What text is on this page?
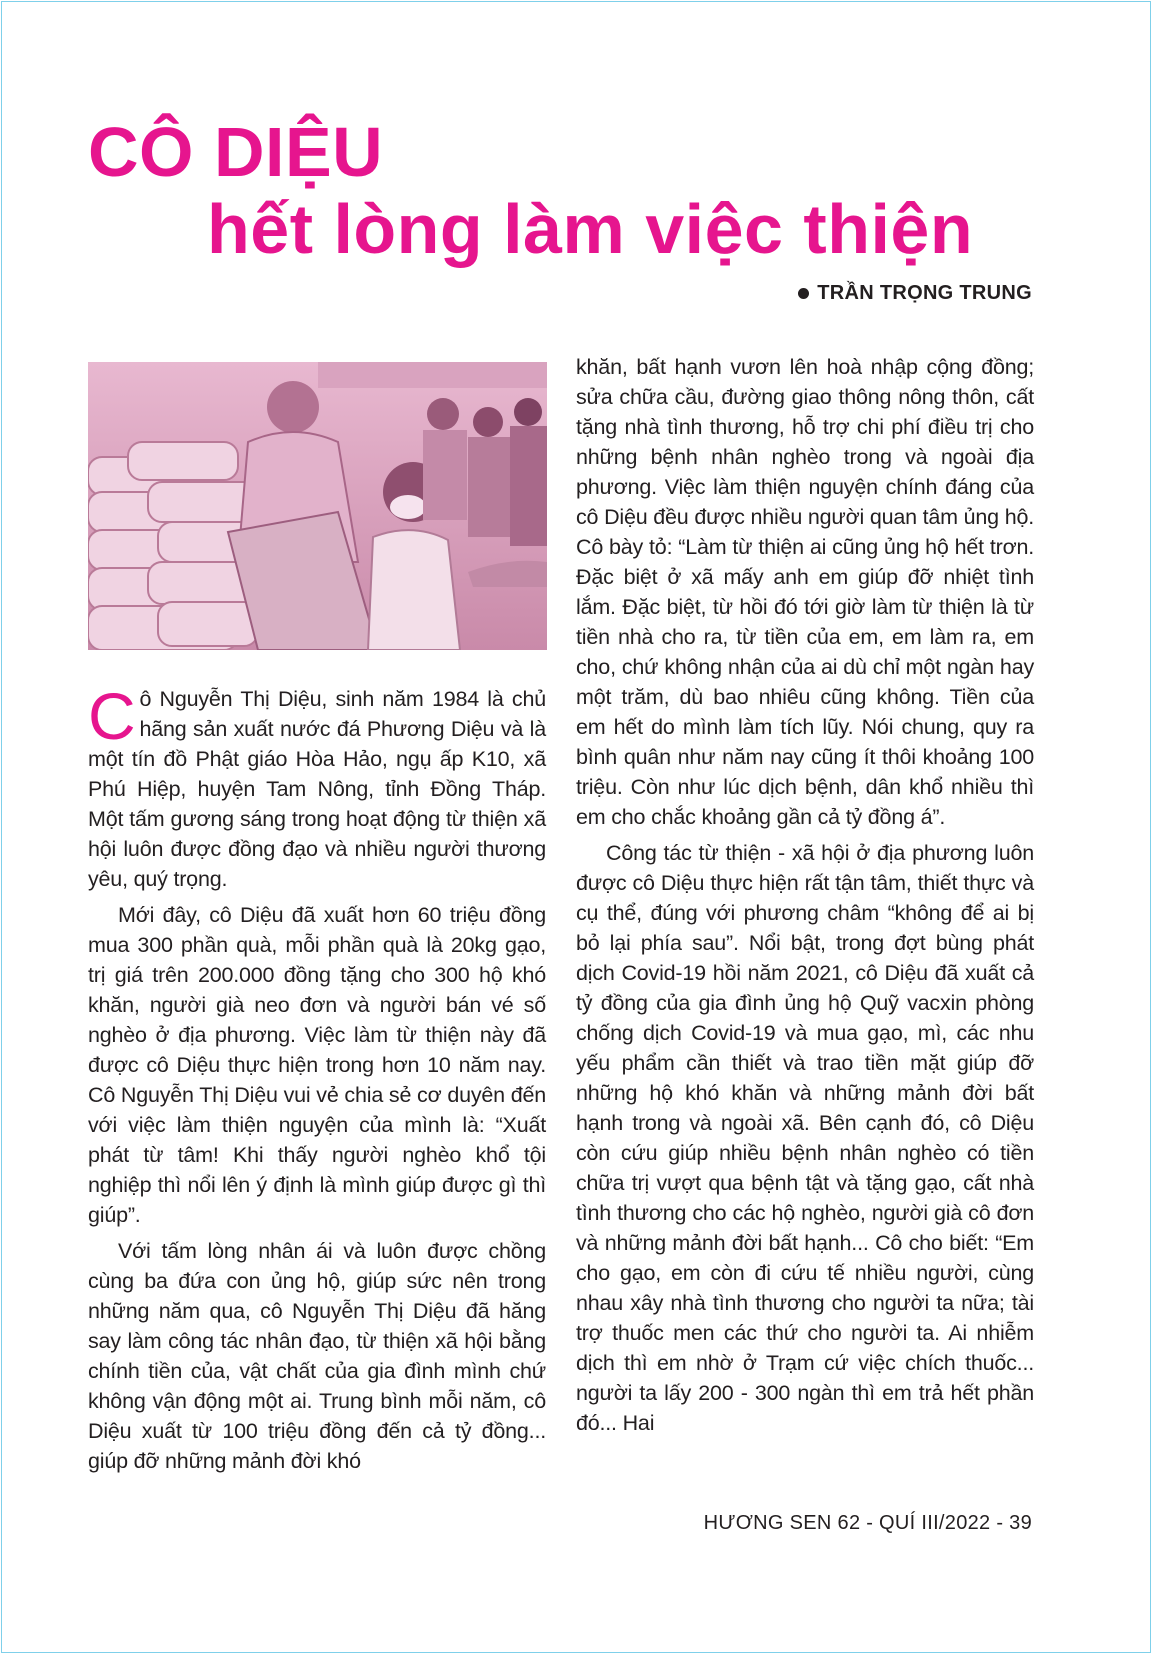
CÔ DIỆU
hết lòng làm việc thiện
TRẦN TRỌNG TRUNG

Cô Nguyễn Thị Diệu, sinh năm 1984 là chủ hãng sản xuất nước đá Phương Diệu và là một tín đồ Phật giáo Hòa Hảo, ngụ ấp K10, xã Phú Hiệp, huyện Tam Nông, tỉnh Đồng Tháp. Một tấm gương sáng trong hoạt động từ thiện xã hội luôn được đồng đạo và nhiều người thương yêu, quý trọng.

Mới đây, cô Diệu đã xuất hơn 60 triệu đồng mua 300 phần quà, mỗi phần quà là 20kg gạo, trị giá trên 200.000 đồng tặng cho 300 hộ khó khăn, người già neo đơn và người bán vé số nghèo ở địa phương. Việc làm từ thiện này đã được cô Diệu thực hiện trong hơn 10 năm nay. Cô Nguyễn Thị Diệu vui vẻ chia sẻ cơ duyên đến với việc làm thiện nguyện của mình là: “Xuất phát từ tâm! Khi thấy người nghèo khổ tội nghiệp thì nổi lên ý định là mình giúp được gì thì giúp”.

Với tấm lòng nhân ái và luôn được chồng cùng ba đứa con ủng hộ, giúp sức nên trong những năm qua, cô Nguyễn Thị Diệu đã hăng say làm công tác nhân đạo, từ thiện xã hội bằng chính tiền của, vật chất của gia đình mình chứ không vận động một ai. Trung bình mỗi năm, cô Diệu xuất từ 100 triệu đồng đến cả tỷ đồng... giúp đỡ những mảnh đời khó

khăn, bất hạnh vươn lên hoà nhập cộng đồng; sửa chữa cầu, đường giao thông nông thôn, cất tặng nhà tình thương, hỗ trợ chi phí điều trị cho những bệnh nhân nghèo trong và ngoài địa phương. Việc làm thiện nguyện chính đáng của cô Diệu đều được nhiều người quan tâm ủng hộ. Cô bày tỏ: “Làm từ thiện ai cũng ủng hộ hết trơn. Đặc biệt ở xã mấy anh em giúp đỡ nhiệt tình lắm. Đặc biệt, từ hồi đó tới giờ làm từ thiện là từ tiền nhà cho ra, từ tiền của em, em làm ra, em cho, chứ không nhận của ai dù chỉ một ngàn hay một trăm, dù bao nhiêu cũng không. Tiền của em hết do mình làm tích lũy. Nói chung, quy ra bình quân như năm nay cũng ít thôi khoảng 100 triệu. Còn như lúc dịch bệnh, dân khổ nhiều thì em cho chắc khoảng gần cả tỷ đồng á”.

Công tác từ thiện - xã hội ở địa phương luôn được cô Diệu thực hiện rất tận tâm, thiết thực và cụ thể, đúng với phương châm “không để ai bị bỏ lại phía sau”. Nổi bật, trong đợt bùng phát dịch Covid-19 hồi năm 2021, cô Diệu đã xuất cả tỷ đồng của gia đình ủng hộ Quỹ vacxin phòng chống dịch Covid-19 và mua gạo, mì, các nhu yếu phẩm cần thiết và trao tiền mặt giúp đỡ những hộ khó khăn và những mảnh đời bất hạnh trong và ngoài xã. Bên cạnh đó, cô Diệu còn cứu giúp nhiều bệnh nhân nghèo có tiền chữa trị vượt qua bệnh tật và tặng gạo, cất nhà tình thương cho các hộ nghèo, người già cô đơn và những mảnh đời bất hạnh... Cô cho biết: “Em cho gạo, em còn đi cứu tế nhiều người, cùng nhau xây nhà tình thương cho người ta nữa; tài trợ thuốc men các thứ cho người ta. Ai nhiễm dịch thì em nhờ ở Trạm cứ việc chích thuốc... người ta lấy 200 - 300 ngàn thì em trả hết phần đó... Hai

HƯƠNG SEN 62 - QUÍ III/2022 - 39
